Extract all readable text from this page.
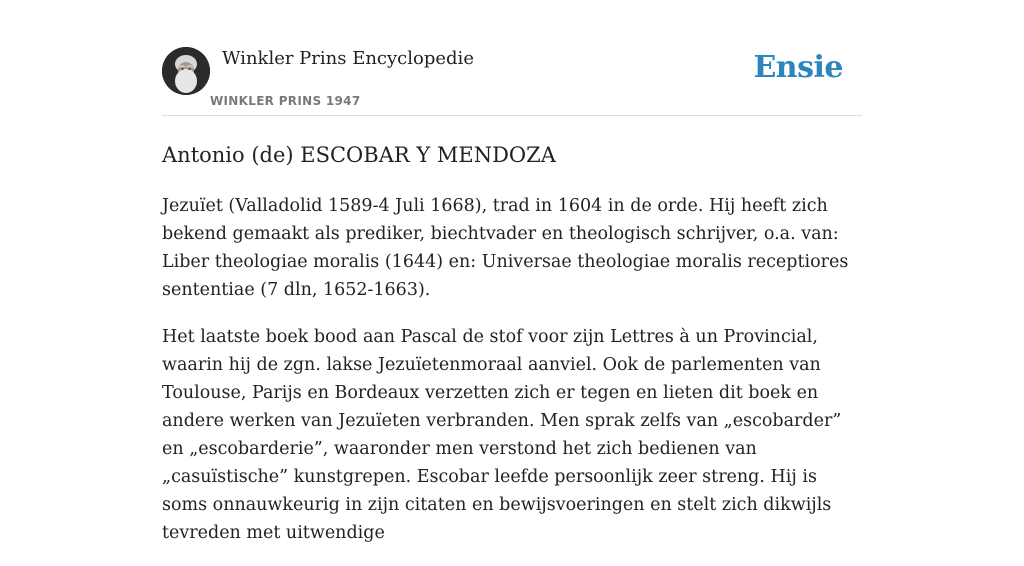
Winkler Prins Encyclopedie
WINKLER PRINS 1947
Ensie
Antonio (de) ESCOBAR Y MENDOZA

Jezuïet (Valladolid 1589-4 Juli 1668), trad in 1604 in de orde. Hij heeft zich bekend gemaakt als prediker, biechtvader en theologisch schrijver, o.a. van: Liber theologiae moralis (1644) en: Universae theologiae moralis receptiores sententiae (7 dln, 1652-1663).

Het laatste boek bood aan Pascal de stof voor zijn Lettres à un Provincial, waarin hij de zgn. lakse Jezuïetenmoraal aanviel. Ook de parlementen van Toulouse, Parijs en Bordeaux verzetten zich er tegen en lieten dit boek en andere werken van Jezuïeten verbranden. Men sprak zelfs van „escobarder” en „escobarderie”, waaronder men verstond het zich bedienen van „casuïstische” kunstgrepen. Escobar leefde persoonlijk zeer streng. Hij is soms onnauwkeurig in zijn citaten en bewijsvoeringen en stelt zich dikwijls tevreden met uitwendige
